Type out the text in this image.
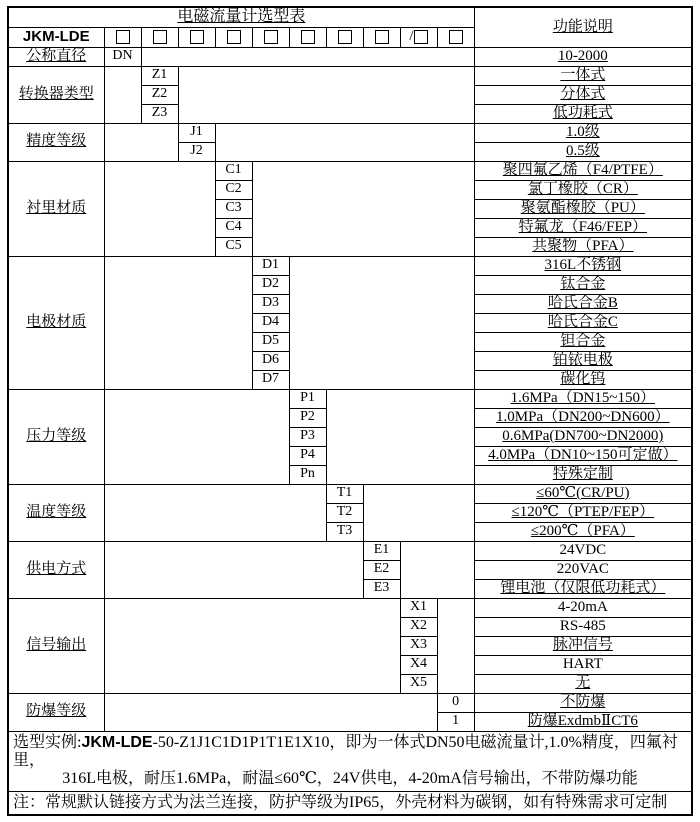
电磁流量计选型表											功能说明
JKM-LDE									/		
公称直径	DN										10-2000
转换器类型		Z1									一体式
		Z2									分体式
		Z3									低功耗式
精度等级			J1								1.0级
			J2								0.5级
衬里材质				C1							聚四氟乙烯（F4/PTFE）
				C2							氯丁橡胶（CR）
				C3							聚氨酯橡胶（PU）
				C4							特氟龙（F46/FEP）
				C5							共聚物（PFA）
电极材质					D1						316L不锈钢
					D2						钛合金
					D3						哈氏合金B
					D4						哈氏合金C
					D5						钽合金
					D6						铂铱电极
					D7						碳化钨
压力等级						P1					1.6MPa（DN15~150）
						P2					1.0MPa（DN200~DN600）
						P3					0.6MPa(DN700~DN2000)
						P4					4.0MPa（DN10~150可定做）
						Pn					特殊定制
温度等级							T1				≤60℃(CR/PU)
							T2				≤120℃（PTEP/FEP）
							T3				≤200℃（PFA）
供电方式								E1			24VDC
								E2			220VAC
								E3			锂电池（仅限低功耗式）
信号输出									X1		4-20mA
									X2		RS-485
									X3		脉冲信号
									X4		HART
									X5		无
防爆等级										0	不防爆
										1	防爆ExdmbⅡCT6

选型实例:JKM-LDE-50-Z1J1C1D1P1T1E1X10，即为一体式DN50电磁流量计,1.0%精度，四氟衬里，
316L电极，耐压1.6MPa，耐温≤60℃，24V供电，4-20mA信号输出，不带防爆功能											

注：常规默认链接方式为法兰连接，防护等级为IP65，外壳材料为碳钢，如有特殊需求可定制											
